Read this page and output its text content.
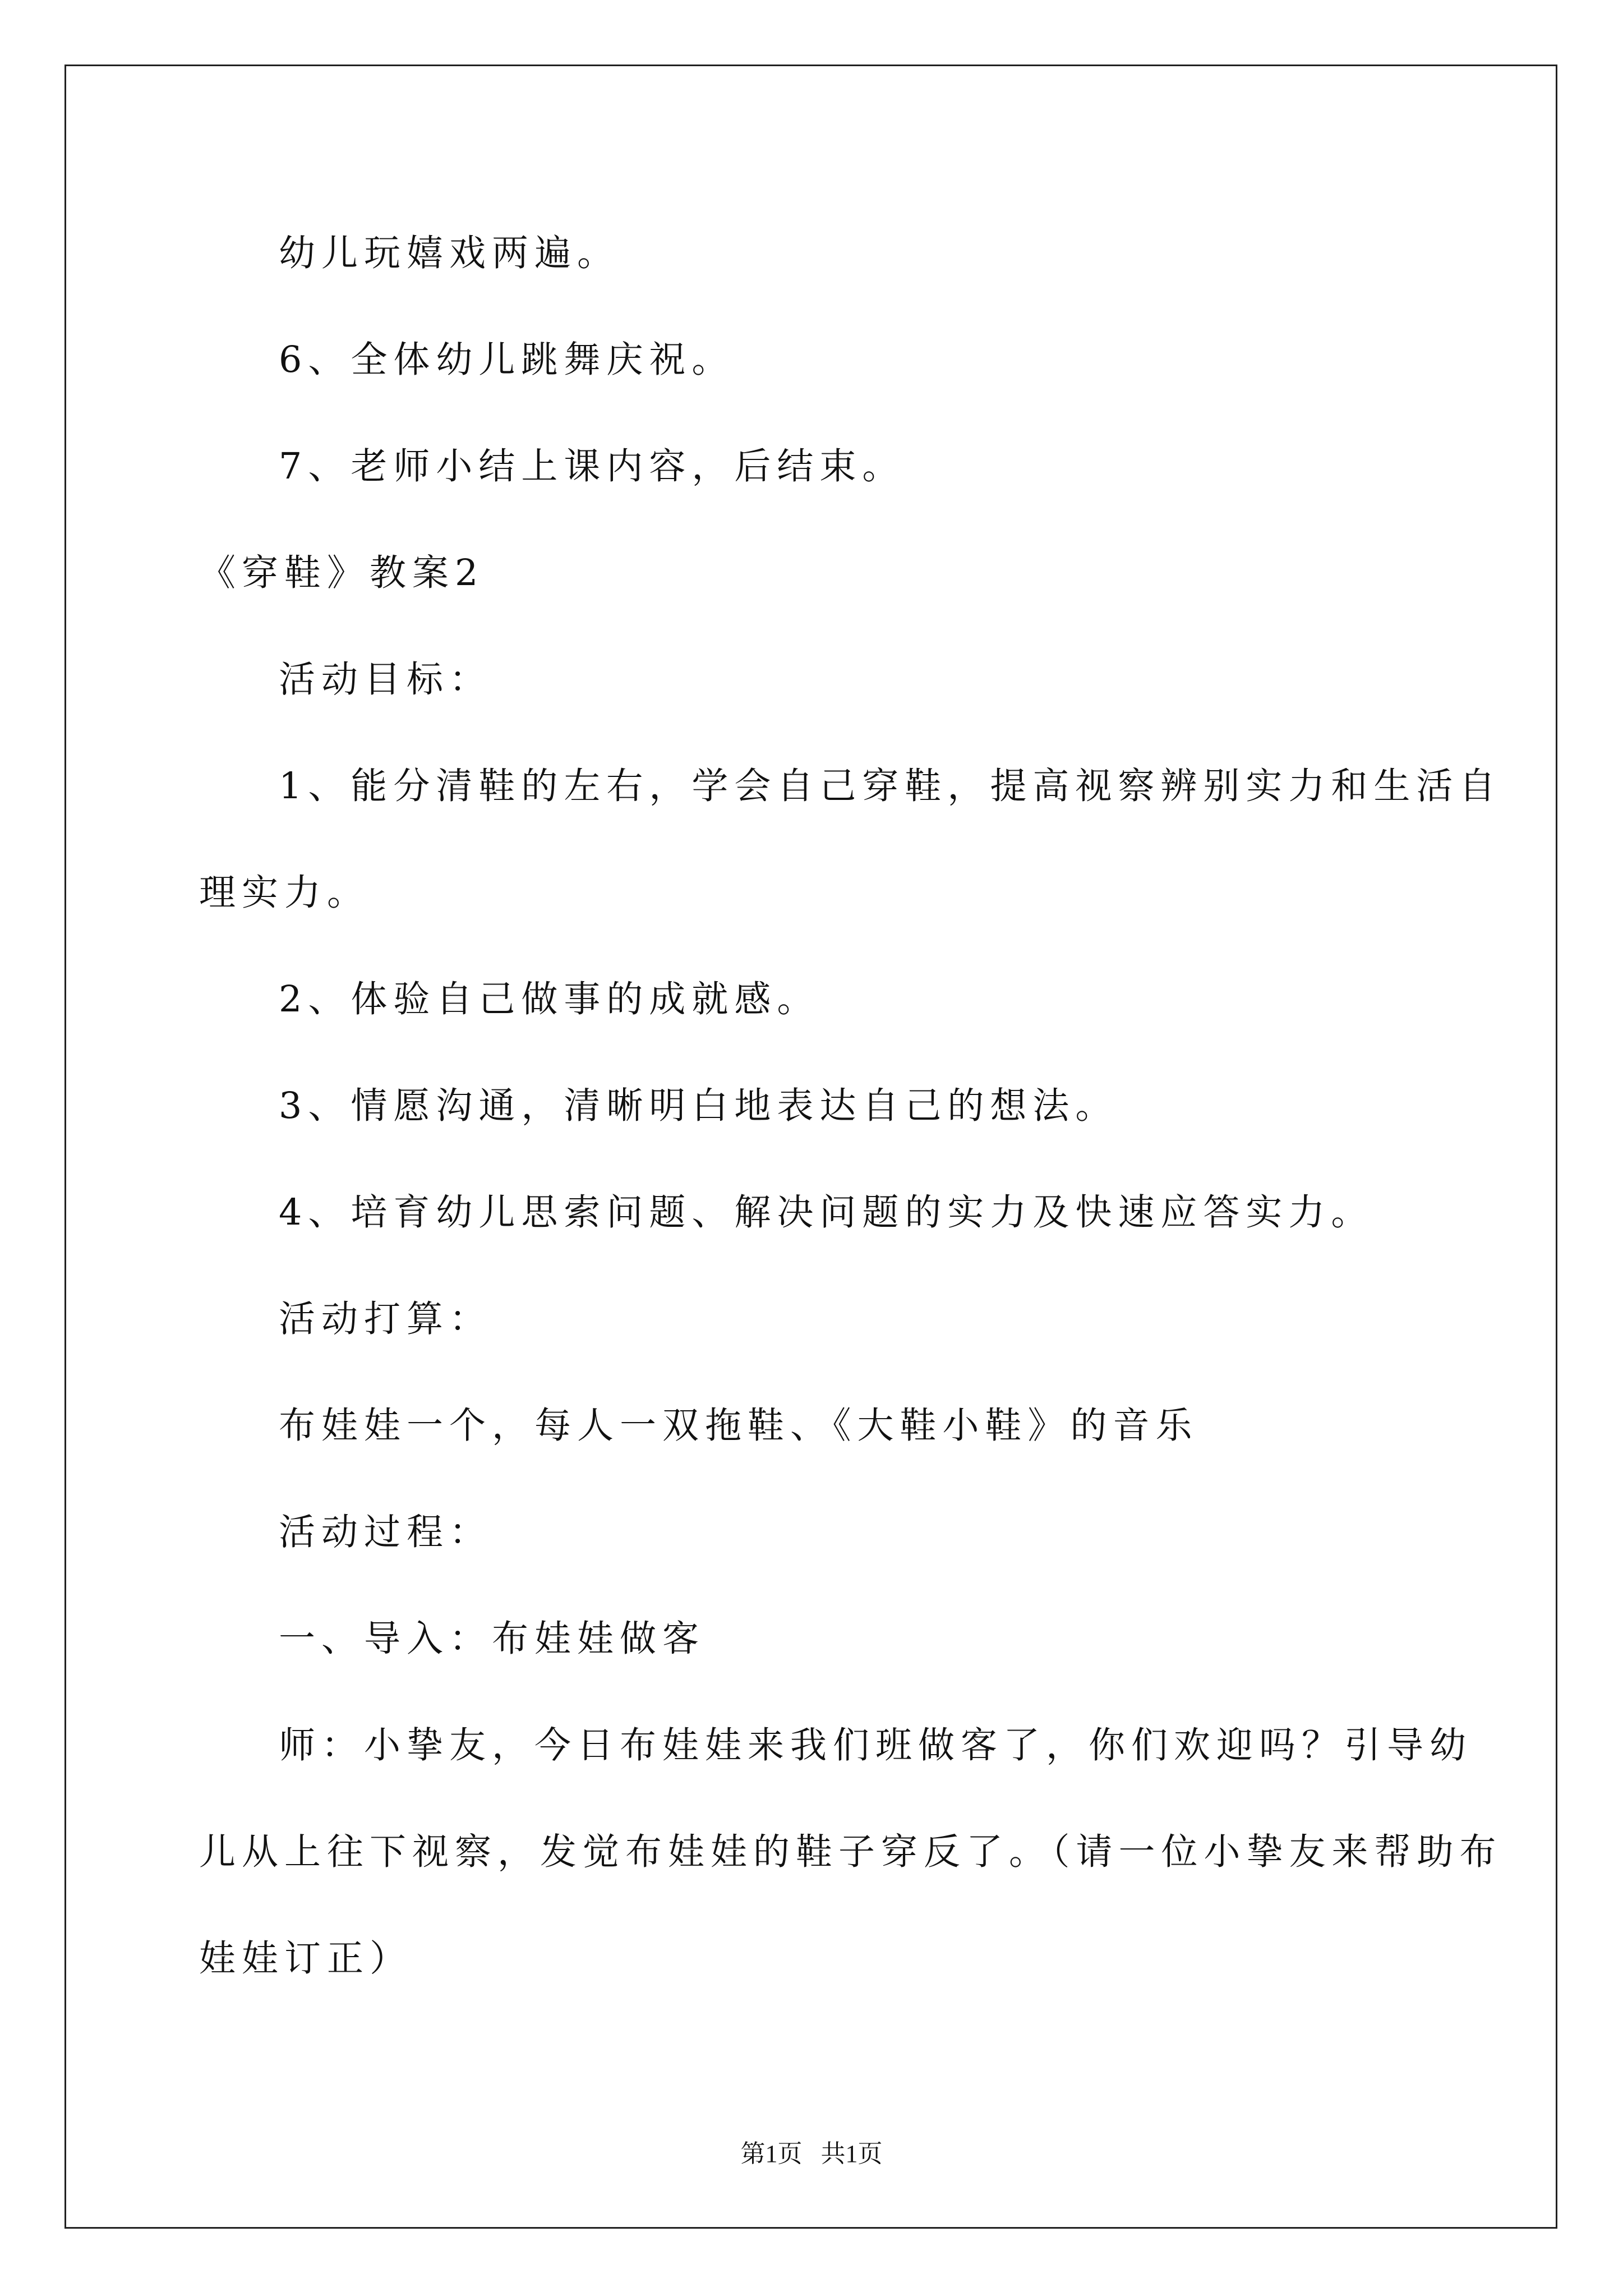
幼儿玩嬉戏两遍。
6、全体幼儿跳舞庆祝。
7、老师小结上课内容，后结束。
《穿鞋》教案2
活动目标：
1、能分清鞋的左右，学会自己穿鞋，提高视察辨别实力和生活自
理实力。
2、体验自己做事的成就感。
3、情愿沟通，清晰明白地表达自己的想法。
4、培育幼儿思索问题、解决问题的实力及快速应答实力。
活动打算：
布娃娃一个，每人一双拖鞋、《大鞋小鞋》的音乐
活动过程：
一、导入：布娃娃做客
师：小挚友，今日布娃娃来我们班做客了，你们欢迎吗？引导幼
儿从上往下视察，发觉布娃娃的鞋子穿反了。（请一位小挚友来帮助布
娃娃订正）
第1页   共1页
